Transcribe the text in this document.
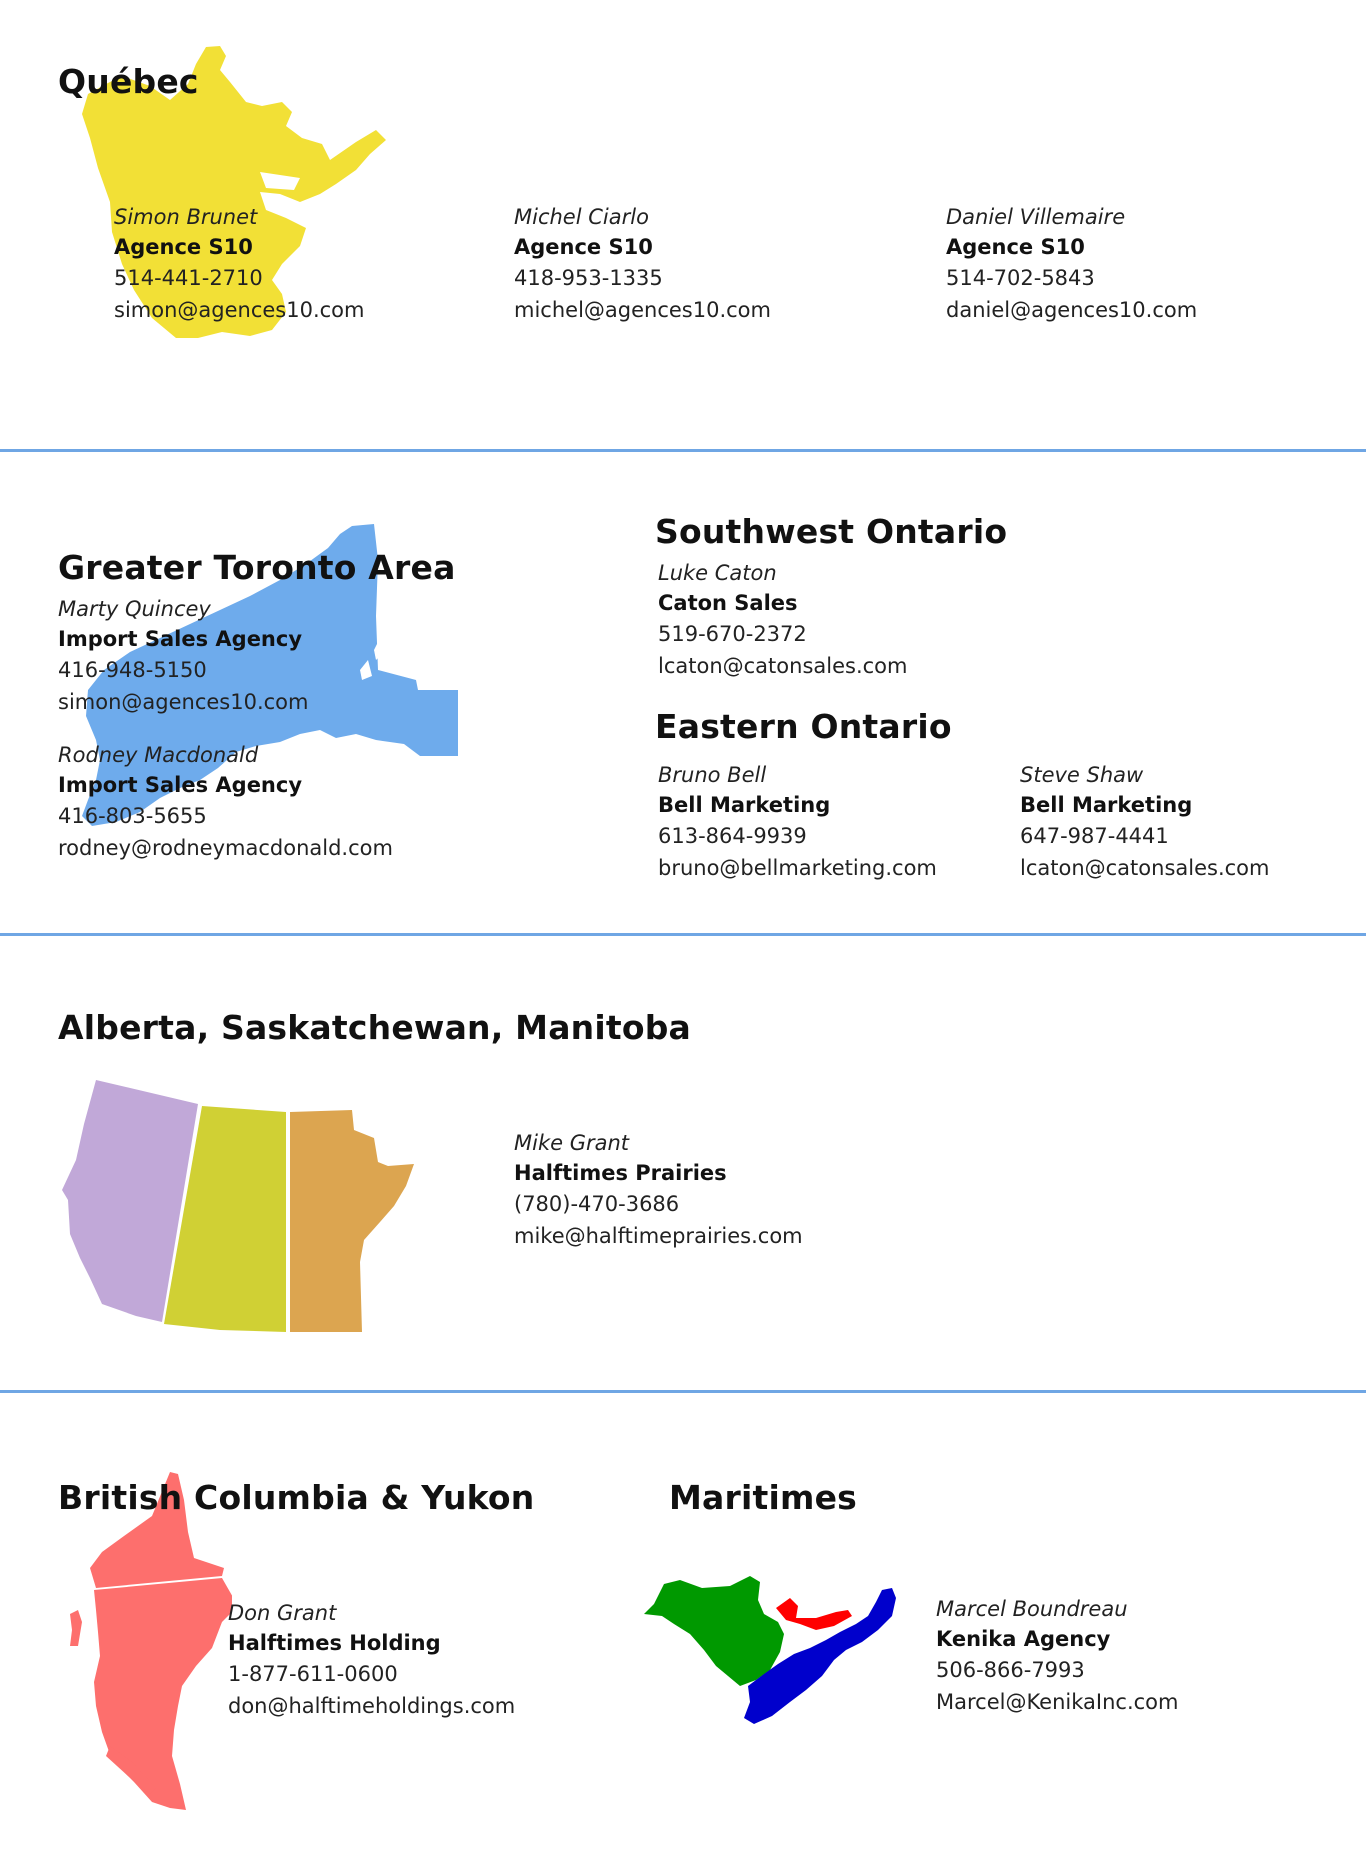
Québec
Simon Brunet
Agence S10
514-441-2710
simon@agences10.com
Michel Ciarlo
Agence S10
418-953-1335
michel@agences10.com
Daniel Villemaire
Agence S10
514-702-5843
daniel@agences10.com
Greater Toronto Area
Marty Quincey
Import Sales Agency
416-948-5150
simon@agences10.com
Rodney Macdonald
Import Sales Agency
416-803-5655
rodney@rodneymacdonald.com
Southwest Ontario
Luke Caton
Caton Sales
519-670-2372
lcaton@catonsales.com
Eastern Ontario
Bruno Bell
Bell Marketing
613-864-9939
bruno@bellmarketing.com
Steve Shaw
Bell Marketing
647-987-4441
lcaton@catonsales.com
Alberta, Saskatchewan, Manitoba
Mike Grant
Halftimes Prairies
(780)-470-3686
mike@halftimeprairies.com
British Columbia & Yukon
Don Grant
Halftimes Holding
1-877-611-0600
don@halftimeholdings.com
Maritimes
Marcel Boundreau
Kenika Agency
506-866-7993
Marcel@KenikaInc.com
